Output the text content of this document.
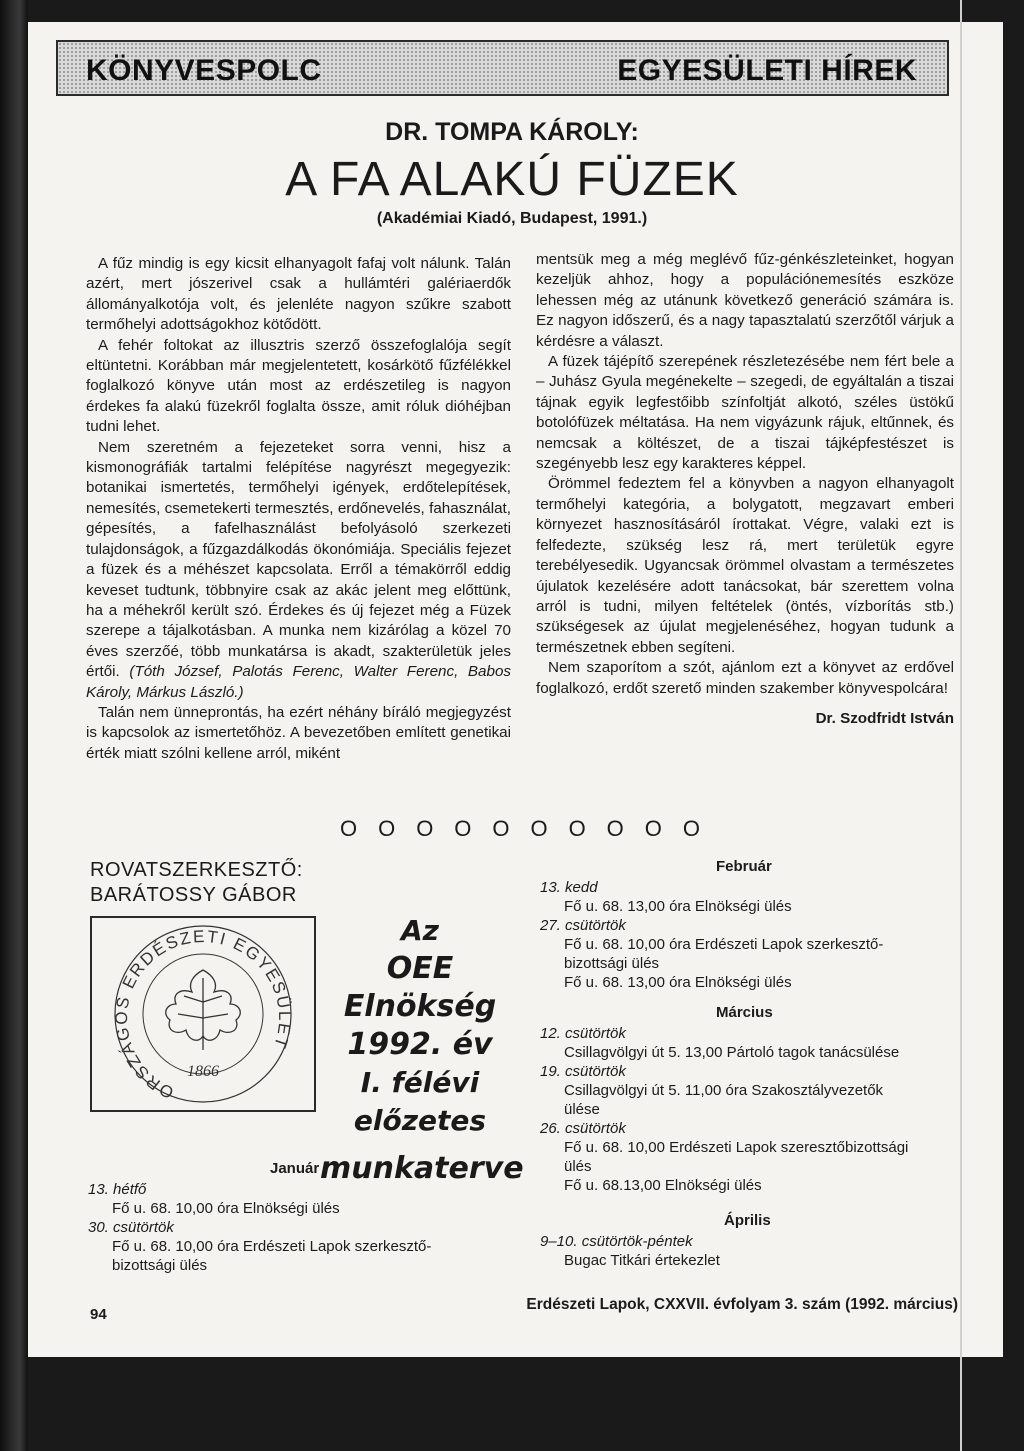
KÖNYVESPOLC	EGYESÜLETI HÍREK
DR. TOMPA KÁROLY:
A FA ALAKÚ FÜZEK
(Akadémiai Kiadó, Budapest, 1991.)

A fűz mindig is egy kicsit elhanyagolt fafaj volt nálunk. Talán azért, mert jószerivel csak a hullámtéri galériaerdők állományalkotója volt, és jelenléte nagyon szűkre szabott termőhelyi adottságokhoz kötődött.

A fehér foltokat az illusztris szerző összefoglalója segít eltüntetni. Korábban már megjelentetett, kosárkötő fűzfélékkel foglalkozó könyve után most az erdészetileg is nagyon érdekes fa alakú füzekről foglalta össze, amit róluk dióhéjban tudni lehet.

Nem szeretném a fejezeteket sorra venni, hisz a kismonográfiák tartalmi felépítése nagyrészt megegyezik: botanikai ismertetés, termőhelyi igények, erdőtelepítések, nemesítés, csemetekerti termesztés, erdőnevelés, fahasználat, gépesítés, a fafelhasználást befolyásoló szerkezeti tulajdonságok, a fűzgazdálkodás ökonómiája. Speciális fejezet a füzek és a méhészet kapcsolata. Erről a témakörről eddig keveset tudtunk, többnyire csak az akác jelent meg előttünk, ha a méhekről került szó. Érdekes és új fejezet még a Füzek szerepe a tájalkotásban. A munka nem kizárólag a közel 70 éves szerzőé, több munkatársa is akadt, szakterületük jeles értői. (Tóth József, Palotás Ferenc, Walter Ferenc, Babos Károly, Márkus László.)

Talán nem ünneprontás, ha ezért néhány bíráló megjegyzést is kapcsolok az ismertetőhöz. A bevezetőben említett genetikai érték miatt szólni kellene arról, miként

mentsük meg a még meglévő fűz-génkészleteinket, hogyan kezeljük ahhoz, hogy a populációnemesítés eszköze lehessen még az utánunk következő generáció számára is. Ez nagyon időszerű, és a nagy tapasztalatú szerzőtől várjuk a kérdésre a választ.

A füzek tájépítő szerepének részletezésébe nem fért bele a – Juhász Gyula megénekelte – szegedi, de egyáltalán a tiszai tájnak egyik legfestőibb színfoltját alkotó, széles üstökű botolófüzek méltatása. Ha nem vigyázunk rájuk, eltűnnek, és nemcsak a költészet, de a tiszai tájképfestészet is szegényebb lesz egy karakteres képpel.

Örömmel fedeztem fel a könyvben a nagyon elhanyagolt termőhelyi kategória, a bolygatott, megzavart emberi környezet hasznosításáról írottakat. Végre, valaki ezt is felfedezte, szükség lesz rá, mert területük egyre terebélyesedik. Ugyancsak örömmel olvastam a természetes újulatok kezelésére adott tanácsokat, bár szerettem volna arról is tudni, milyen feltételek (öntés, vízborítás stb.) szükségesek az újulat megjelenéséhez, hogyan tudunk a természetnek ebben segíteni.

Nem szaporítom a szót, ajánlom ezt a könyvet az erdővel foglalkozó, erdőt szerető minden szakember könyvespolcára!

Dr. Szodfridt István

O O O O O O O O O O
ROVATSZERKESZTŐ:
BARÁTOSSY GÁBOR
ORSZÁGOS ERDÉSZETI EGYESÜLET
1866
Az
OEE Elnökség
1992. év
I. félévi
előzetes
munkaterve
Január
13. hétfő
Fő u. 68. 10,00 óra Elnökségi ülés
30. csütörtök
Fő u. 68. 10,00 óra Erdészeti Lapok szerkesztő-
bizottsági ülés
Február
13. kedd
Fő u. 68. 13,00 óra Elnökségi ülés
27. csütörtök
Fő u. 68. 10,00 óra Erdészeti Lapok szerkesztő-
bizottsági ülés
Fő u. 68. 13,00 óra Elnökségi ülés
Március
12. csütörtök
Csillagvölgyi út 5. 13,00 Pártoló tagok tanácsülése
19. csütörtök
Csillagvölgyi út 5. 11,00 óra Szakosztályvezetők
ülése
26. csütörtök
Fő u. 68. 10,00 Erdészeti Lapok szeresztőbizottsági
ülés
Fő u. 68.13,00 Elnökségi ülés
Április
9–10. csütörtök-péntek
Bugac Titkári értekezlet
94
Erdészeti Lapok, CXXVII. évfolyam 3. szám (1992. március)
